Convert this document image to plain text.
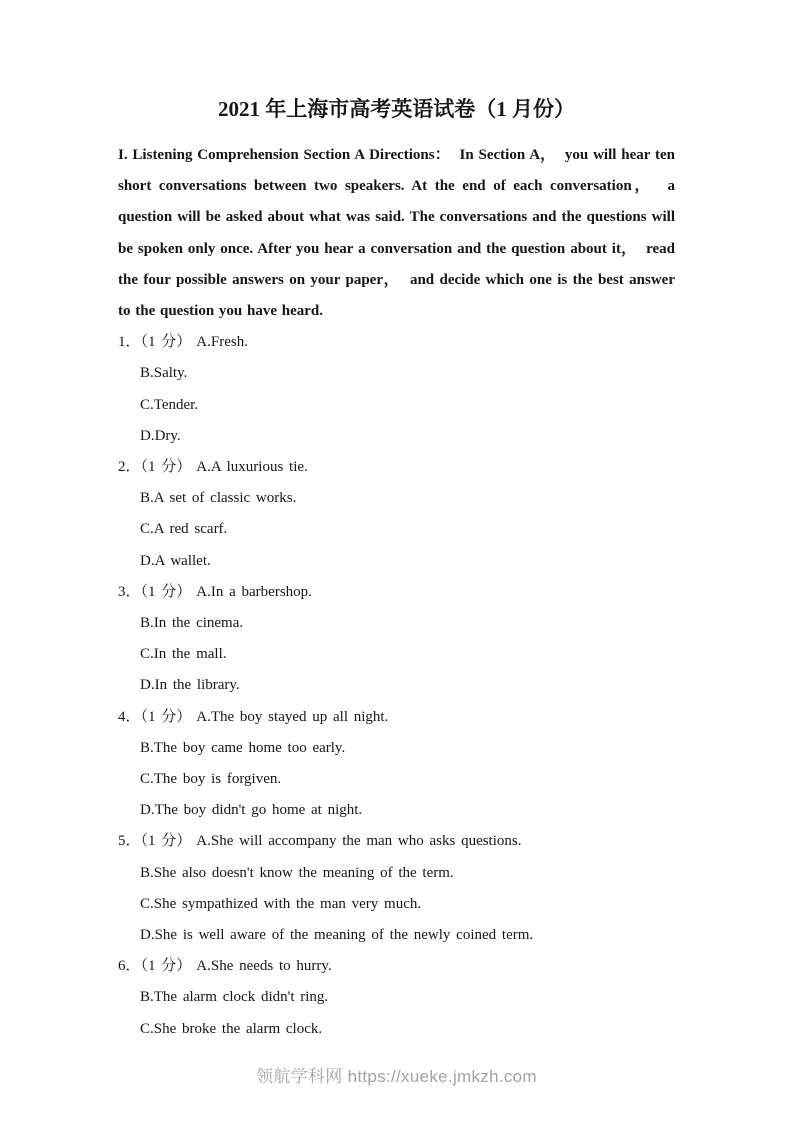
2021 年上海市高考英语试卷（1 月份）

I. Listening Comprehension Section A Directions：  In Section A，  you will hear ten short conversations between two speakers. At the end of each conversation，  a question will be asked about what was said. The conversations and the questions will be spoken only once. After you hear a conversation and the question about it，  read the four possible answers on your paper，  and decide which one is the best answer to the question you have heard.

1．（1 分） A.Fresh.

B.Salty.

C.Tender.

D.Dry.

2．（1 分） A.A luxurious tie.

B.A set of classic works.

C.A red scarf.

D.A wallet.

3．（1 分） A.In a barbershop.

B.In the cinema.

C.In the mall.

D.In the library.

4．（1 分） A.The boy stayed up all night.

B.The boy came home too early.

C.The boy is forgiven.

D.The boy didn't go home at night.

5．（1 分） A.She will accompany the man who asks questions.

B.She also doesn't know the meaning of the term.

C.She sympathized with the man very much.

D.She is well aware of the meaning of the newly coined term.

6．（1 分） A.She needs to hurry.

B.The alarm clock didn't ring.

C.She broke the alarm clock.

领航学科网 https://xueke.jmkzh.com
